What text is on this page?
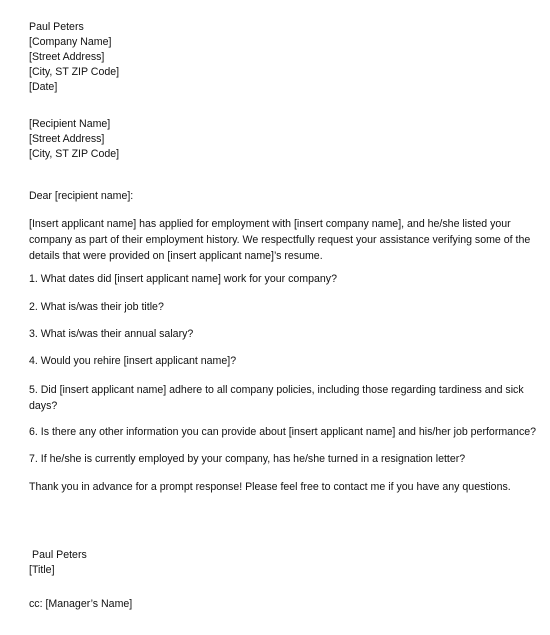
Paul Peters
[Company Name]
[Street Address]
[City, ST ZIP Code]
[Date]
[Recipient Name]
[Street Address]
[City, ST ZIP Code]
Dear [recipient name]:
[Insert applicant name] has applied for employment with [insert company name], and he/she listed your
company as part of their employment history. We respectfully request your assistance verifying some of the
details that were provided on [insert applicant name]’s resume.
1. What dates did [insert applicant name] work for your company?
2. What is/was their job title?
3. What is/was their annual salary?
4. Would you rehire [insert applicant name]?
5. Did [insert applicant name] adhere to all company policies, including those regarding tardiness and sick
days?
6. Is there any other information you can provide about [insert applicant name] and his/her job performance?
7. If he/she is currently employed by your company, has he/she turned in a resignation letter?
Thank you in advance for a prompt response! Please feel free to contact me if you have any questions.
Paul Peters
[Title]
cc: [Manager’s Name]
